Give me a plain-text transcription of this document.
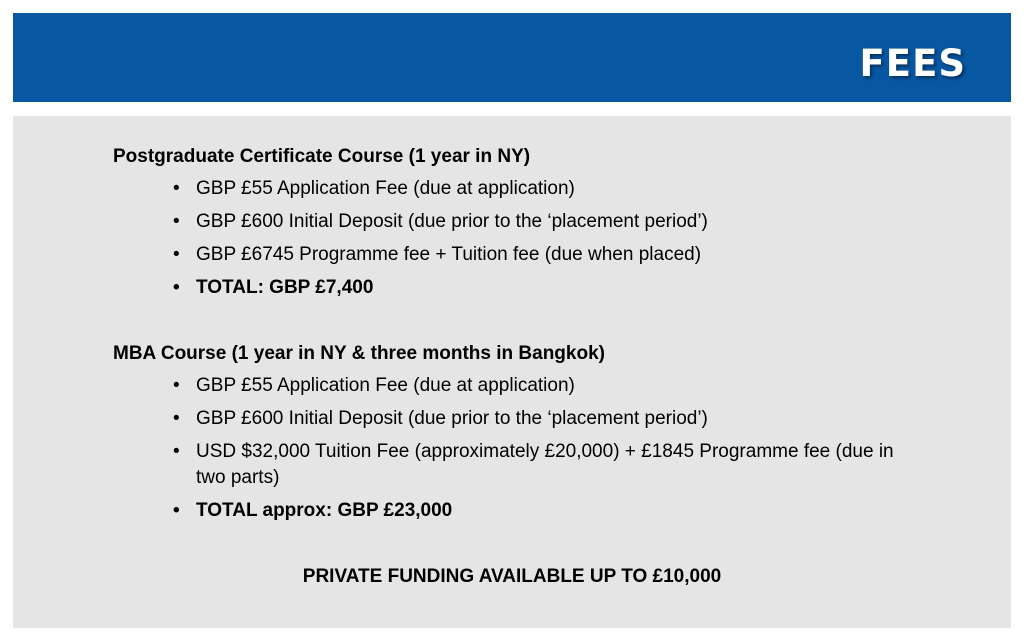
FEES

Postgraduate Certificate Course (1 year in NY)

• GBP £55 Application Fee (due at application)
• GBP £600 Initial Deposit (due prior to the ‘placement period’)
• GBP £6745 Programme fee + Tuition fee (due when placed)
• TOTAL: GBP £7,400

MBA Course (1 year in NY & three months in Bangkok)

• GBP £55 Application Fee (due at application)
• GBP £600 Initial Deposit (due prior to the ‘placement period’)
• USD $32,000 Tuition Fee (approximately £20,000) + £1845 Programme fee (due in two parts)
• TOTAL approx: GBP £23,000

PRIVATE FUNDING AVAILABLE UP TO £10,000
